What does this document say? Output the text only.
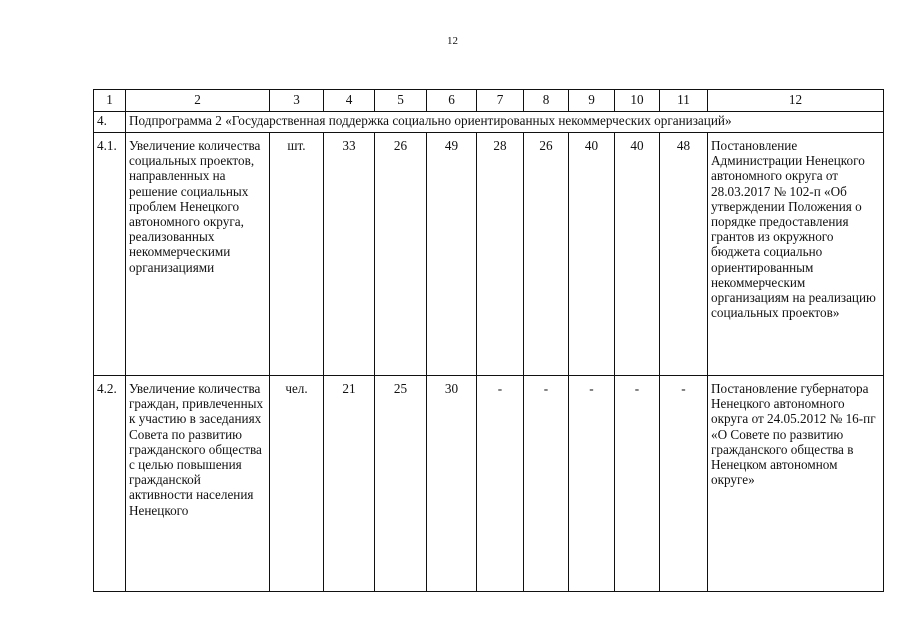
12
1	2	3	4	5	6	7	8	9	10	11	12
4.	Подпрограмма 2 «Государственная поддержка социально ориентированных некоммерческих организаций»										
4.1.	Увеличение количества социальных проектов, направленных на решение социальных проблем Ненецкого автономного округа, реализованных некоммерческими организациями	шт.	33	26	49	28	26	40	40	48	Постановление Администрации Ненецкого автономного округа от 28.03.2017 № 102-п «Об утверждении Положения о порядке предоставления грантов из окружного бюджета социально ориентированным некоммерческим организациям на реализацию социальных проектов»
4.2.	Увеличение количества граждан, привлеченных к участию в заседаниях Совета по развитию гражданского общества с целью повышения гражданской активности населения Ненецкого	чел.	21	25	30	-	-	-	-	-	Постановление губернатора Ненецкого автономного округа от 24.05.2012 № 16-пг «О Совете по развитию гражданского общества в Ненецком автономном округе»
